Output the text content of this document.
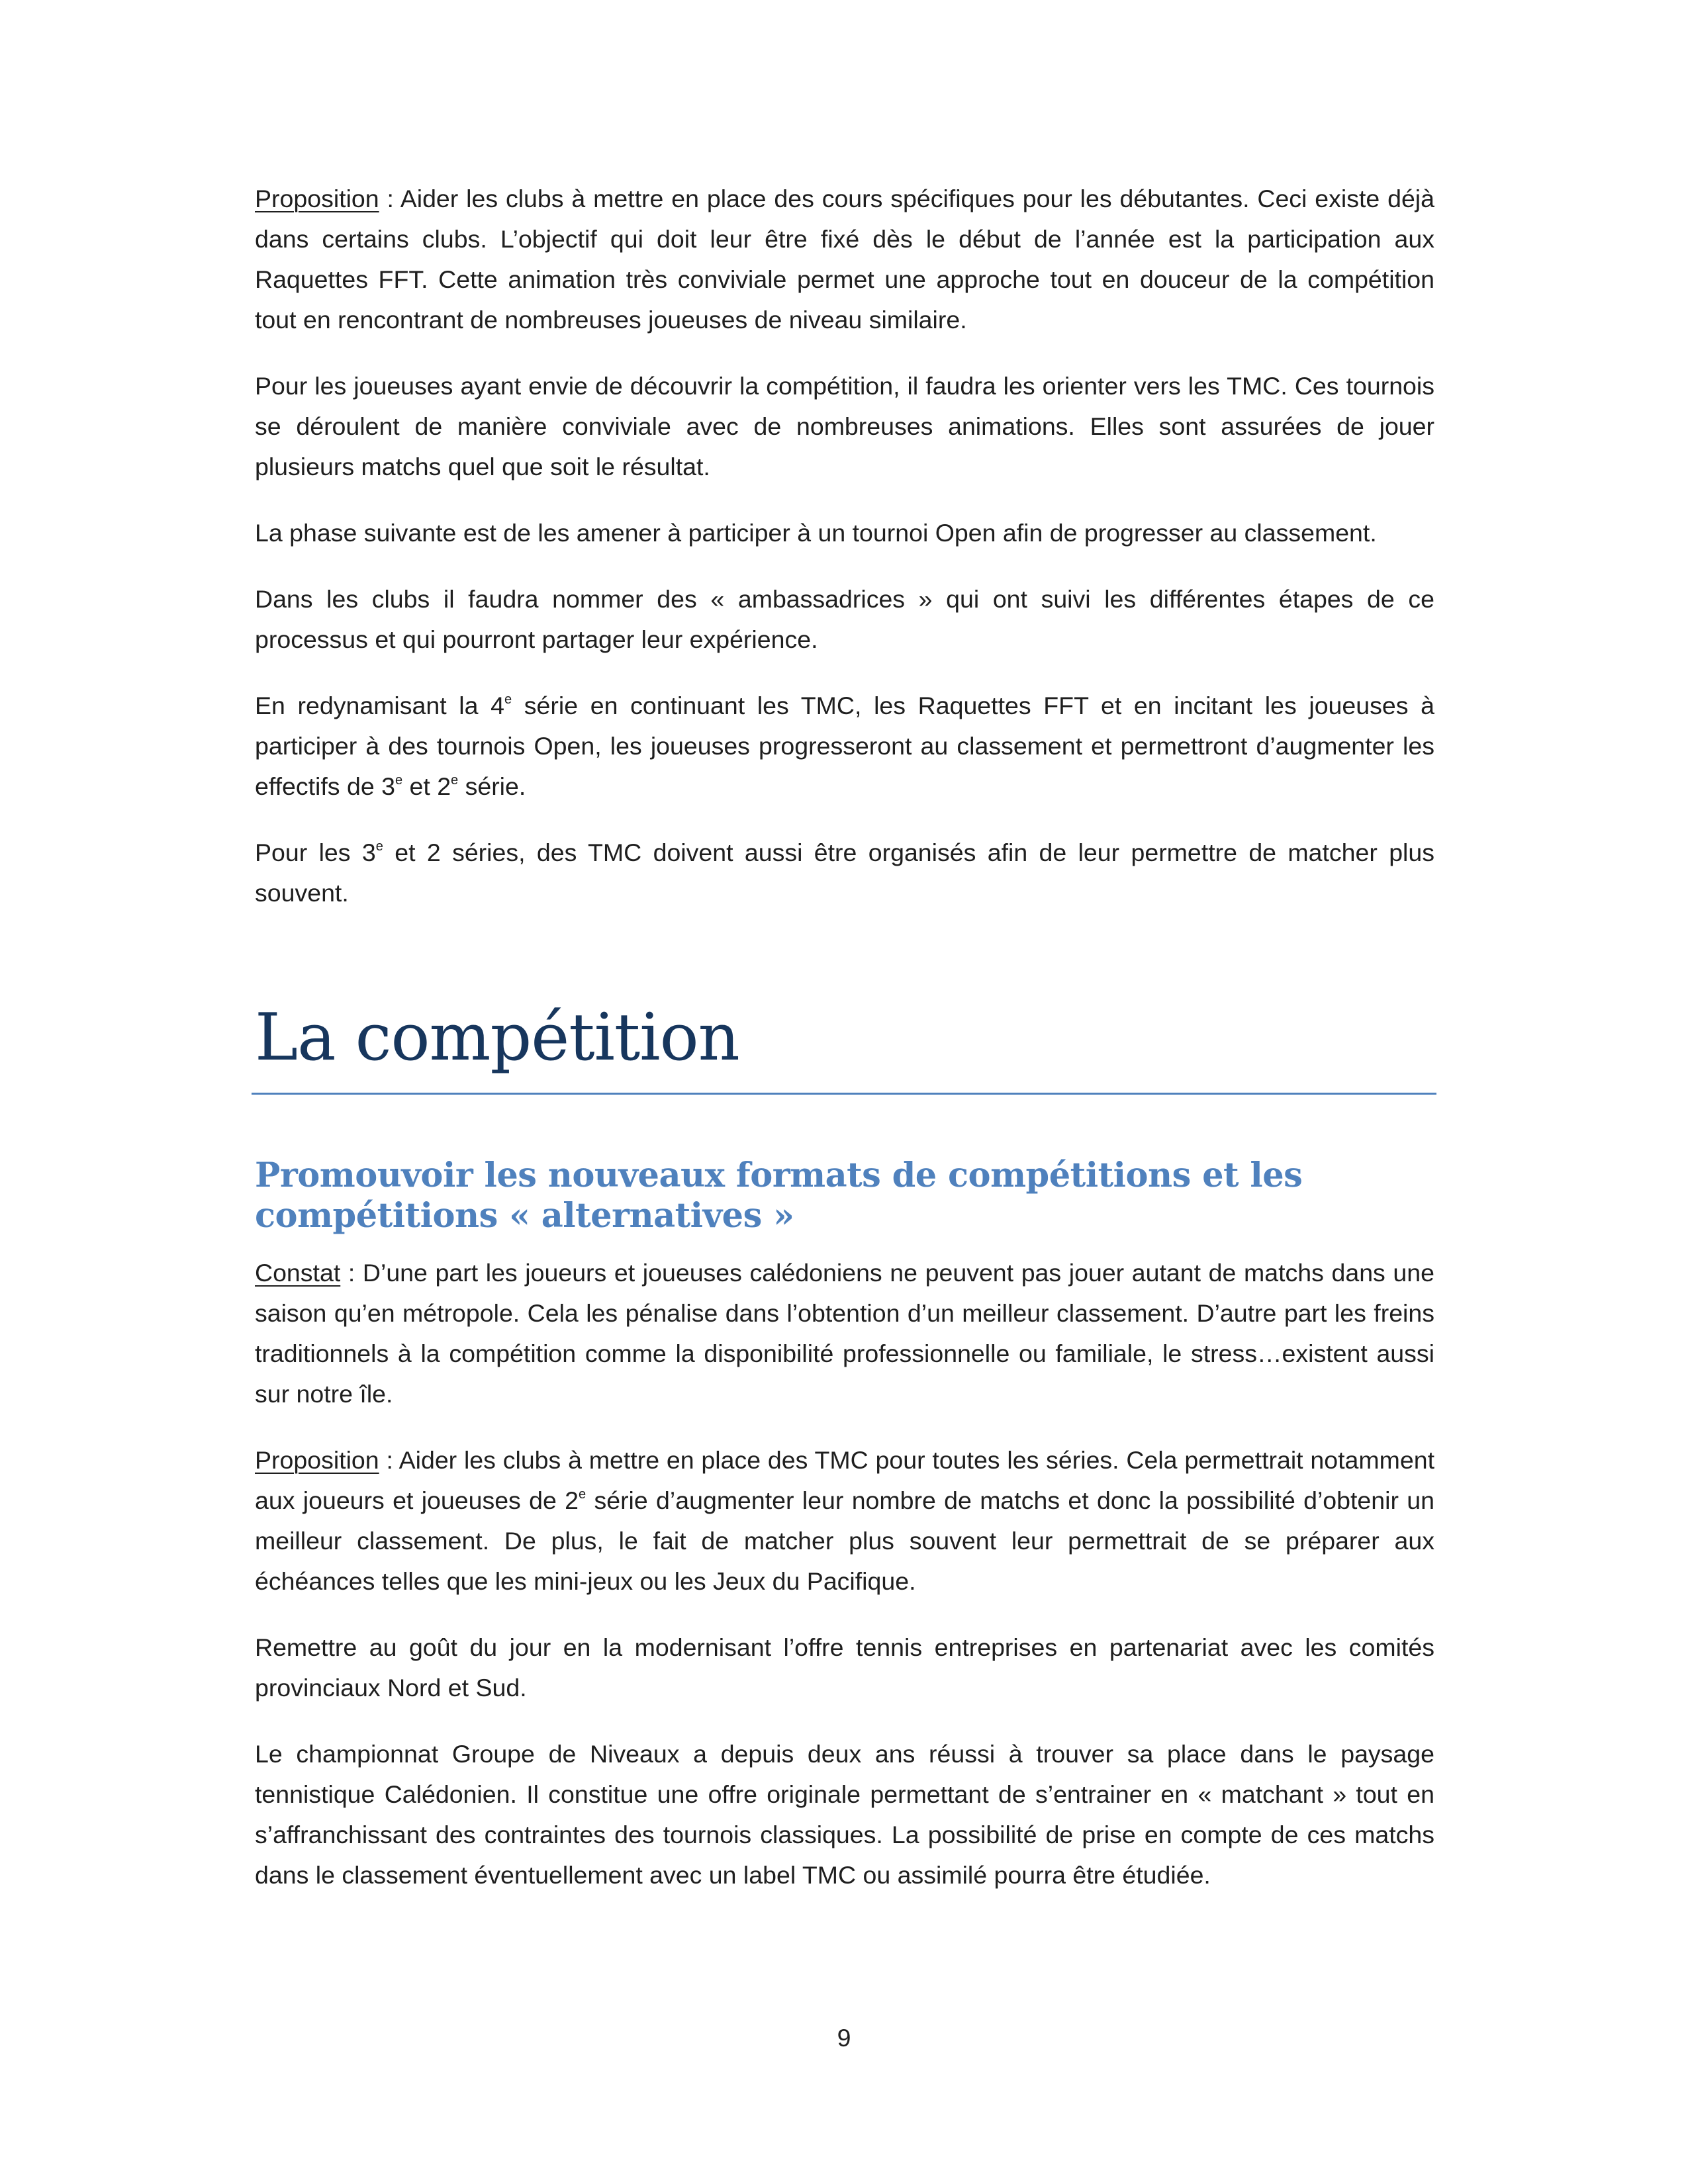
Proposition : Aider les clubs à mettre en place des cours spécifiques pour les débutantes. Ceci existe déjà dans certains clubs. L’objectif qui doit leur être fixé dès le début de l’année est la participation aux Raquettes FFT. Cette animation très conviviale permet une approche tout en douceur de la compétition tout en rencontrant de nombreuses joueuses de niveau similaire.

Pour les joueuses ayant envie de découvrir la compétition, il faudra les orienter vers les TMC. Ces tournois se déroulent de manière conviviale avec de nombreuses animations. Elles sont assurées de jouer plusieurs matchs quel que soit le résultat.

La phase suivante est de les amener à participer à un tournoi Open afin de progresser au classement.

Dans les clubs il faudra nommer des « ambassadrices » qui ont suivi les différentes étapes de ce processus et qui pourront partager leur expérience.

En redynamisant la 4e série en continuant les TMC, les Raquettes FFT et en incitant les joueuses à participer à des tournois Open, les joueuses progresseront au classement et permettront d’augmenter les effectifs de 3e et 2e série.

Pour les 3e et 2 séries, des TMC doivent aussi être organisés afin de leur permettre de matcher plus souvent.

La compétition
Promouvoir les nouveaux formats de compétitions et les compétitions « alternatives »

Constat : D’une part les joueurs et joueuses calédoniens ne peuvent pas jouer autant de matchs dans une saison qu’en métropole. Cela les pénalise dans l’obtention d’un meilleur classement. D’autre part les freins traditionnels à la compétition comme la disponibilité professionnelle ou familiale, le stress…existent aussi sur notre île.

Proposition : Aider les clubs à mettre en place des TMC pour toutes les séries. Cela permettrait notamment aux joueurs et joueuses de 2e série d’augmenter leur nombre de matchs et donc la possibilité d’obtenir un meilleur classement. De plus, le fait de matcher plus souvent leur permettrait de se préparer aux échéances telles que les mini-jeux ou les Jeux du Pacifique.

Remettre au goût du jour en la modernisant l’offre tennis entreprises en partenariat avec les comités provinciaux Nord et Sud.

Le championnat Groupe de Niveaux a depuis deux ans réussi à trouver sa place dans le paysage tennistique Calédonien. Il constitue une offre originale permettant de s’entrainer en « matchant » tout en s’affranchissant des contraintes des tournois classiques. La possibilité de prise en compte de ces matchs dans le classement éventuellement avec un label TMC ou assimilé pourra être étudiée.

9
